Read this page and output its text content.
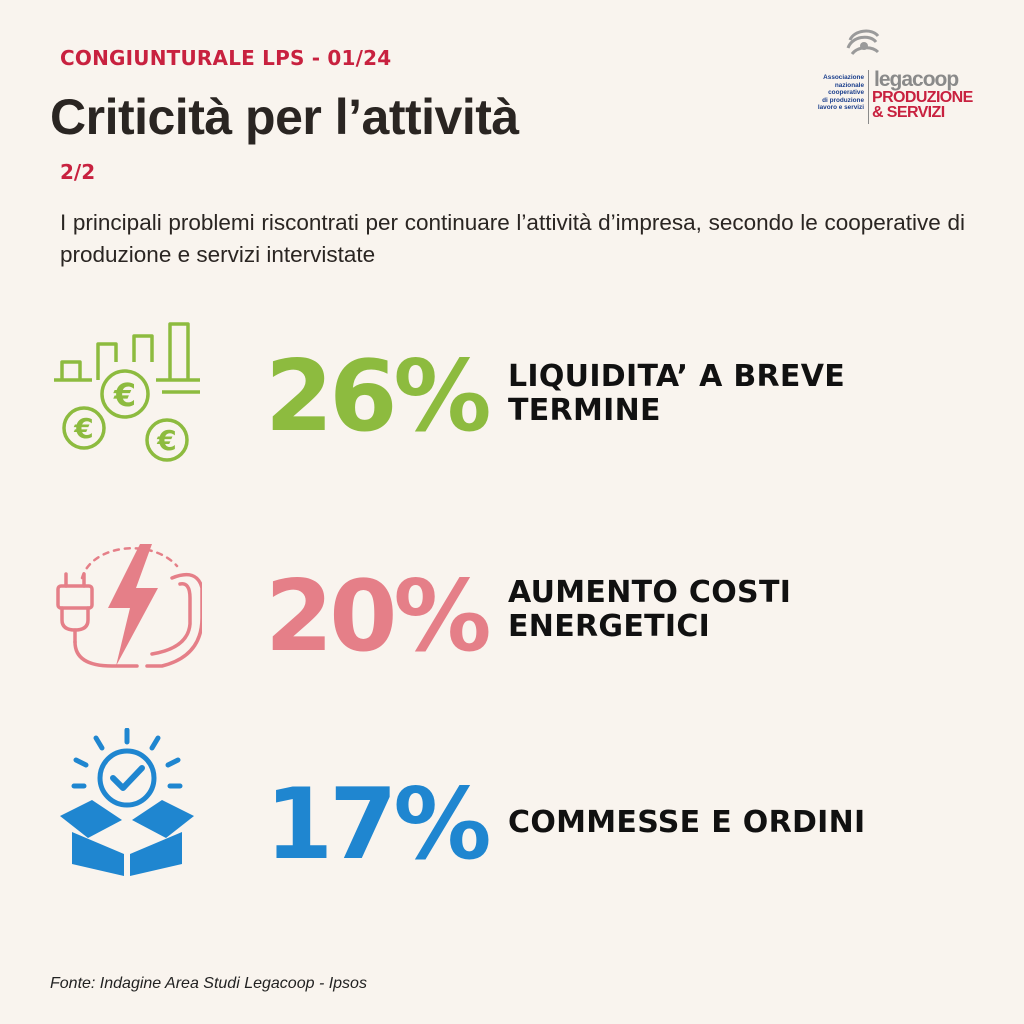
CONGIUNTURALE LPS - 01/24
Criticità per l’attività
2/2
I principali problemi riscontrati per continuare l’attività d’impresa, secondo le cooperative di produzione e servizi intervistate
Associazione
nazionale
cooperative
di produzione
lavoro e servizi
legacoop
PRODUZIONE
& SERVIZI
€
€ € 26% LIQUIDITA’ A BREVE
TERMINE
20% AUMENTO COSTI
ENERGETICI
17% COMMESSE E ORDINI
Fonte: Indagine Area Studi Legacoop - Ipsos
